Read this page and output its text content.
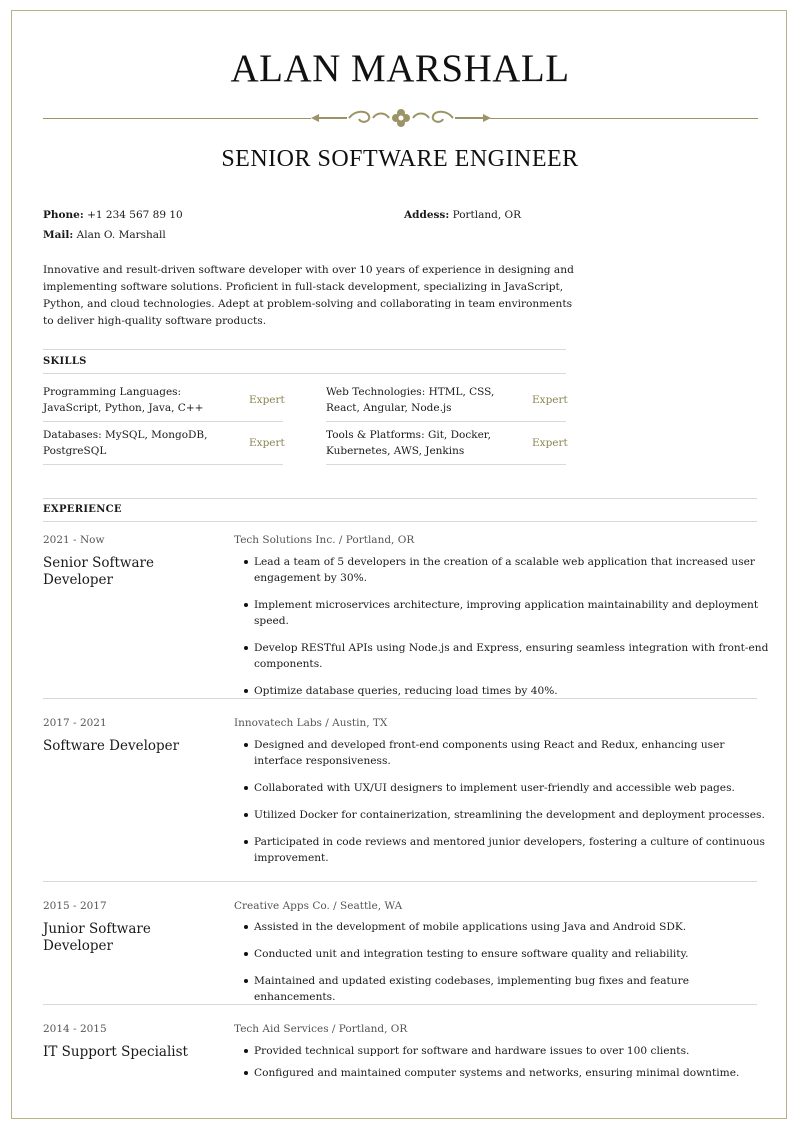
ALAN MARSHALL
SENIOR SOFTWARE ENGINEER
Phone: +1 234 567 89 10	Addess: Portland, OR
Mail: Alan O. Marshall
Innovative and result-driven software developer with over 10 years of experience in designing and implementing software solutions. Proficient in full-stack development, specializing in JavaScript, Python, and cloud technologies. Adept at problem-solving and collaborating in team environments to deliver high-quality software products.
SKILLS
Programming Languages: JavaScript, Python, Java, C++
Expert
Web Technologies: HTML, CSS, React, Angular, Node.js
Expert
Databases: MySQL, MongoDB, PostgreSQL
Expert
Tools & Platforms: Git, Docker, Kubernetes, AWS, Jenkins
Expert
EXPERIENCE
2021 - Now	Tech Solutions Inc. / Portland, OR
Senior Software Developer
Lead a team of 5 developers in the creation of a scalable web application that increased user engagement by 30%.
Implement microservices architecture, improving application maintainability and deployment speed.
Develop RESTful APIs using Node.js and Express, ensuring seamless integration with front-end components.
Optimize database queries, reducing load times by 40%.
2017 - 2021	Innovatech Labs / Austin, TX
Software Developer	Designed and developed front-end components using React and Redux, enhancing user interface responsiveness.
Collaborated with UX/UI designers to implement user-friendly and accessible web pages.
Utilized Docker for containerization, streamlining the development and deployment processes.
Participated in code reviews and mentored junior developers, fostering a culture of continuous improvement.
2015 - 2017	Creative Apps Co. / Seattle, WA
Junior Software Developer
Assisted in the development of mobile applications using Java and Android SDK.
Conducted unit and integration testing to ensure software quality and reliability.
Maintained and updated existing codebases, implementing bug fixes and feature enhancements.
2014 - 2015	Tech Aid Services / Portland, OR
IT Support Specialist	Provided technical support for software and hardware issues to over 100 clients.
Configured and maintained computer systems and networks, ensuring minimal downtime.
